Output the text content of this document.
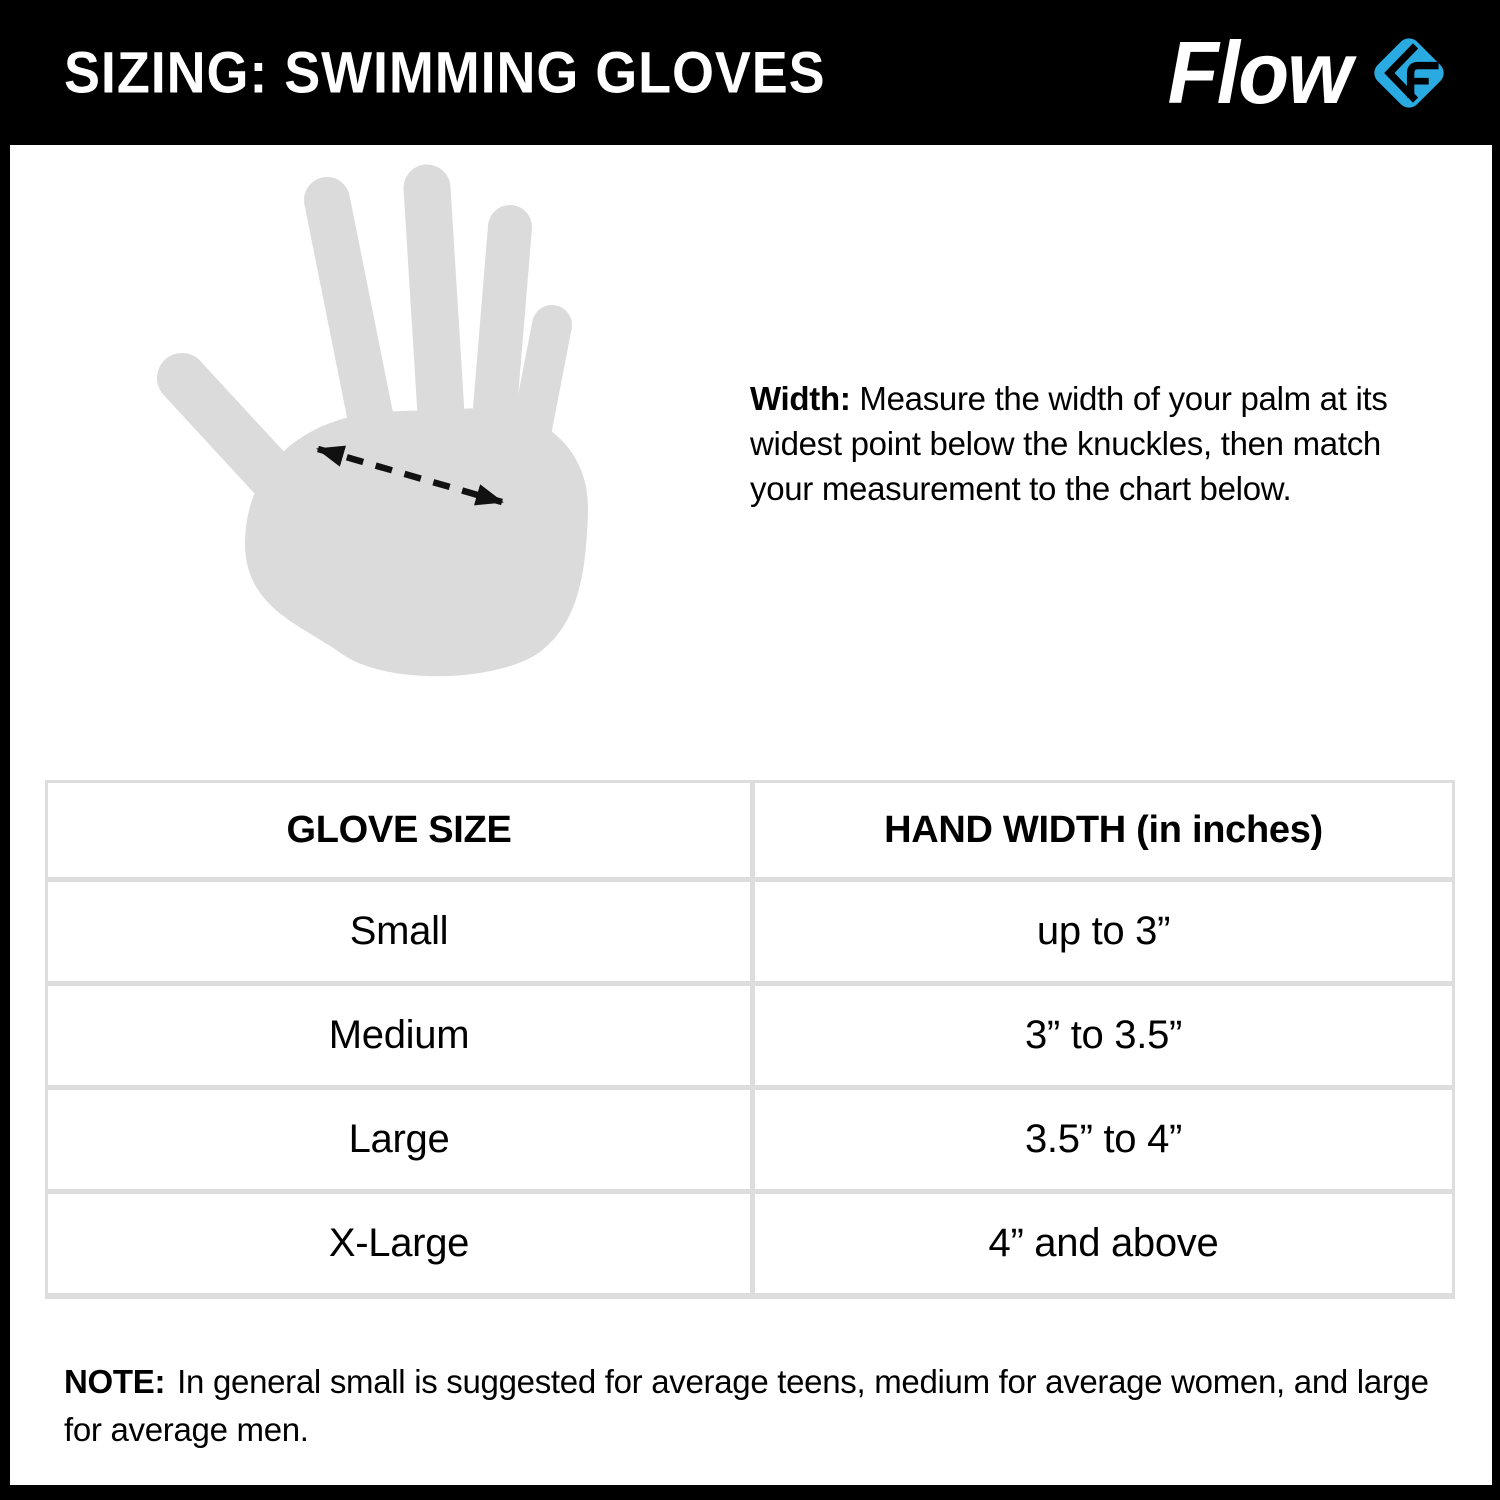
SIZING: SWIMMING GLOVES	Flow

Width: Measure the width of your palm at its widest point below the knuckles, then match your measurement to the chart below.

GLOVE SIZE	HAND WIDTH (in inches)
Small	up to 3”
Medium	3” to 3.5”
Large	3.5” to 4”
X-Large	4” and above

NOTE: In general small is suggested for average teens, medium for average women, and large for average men.
